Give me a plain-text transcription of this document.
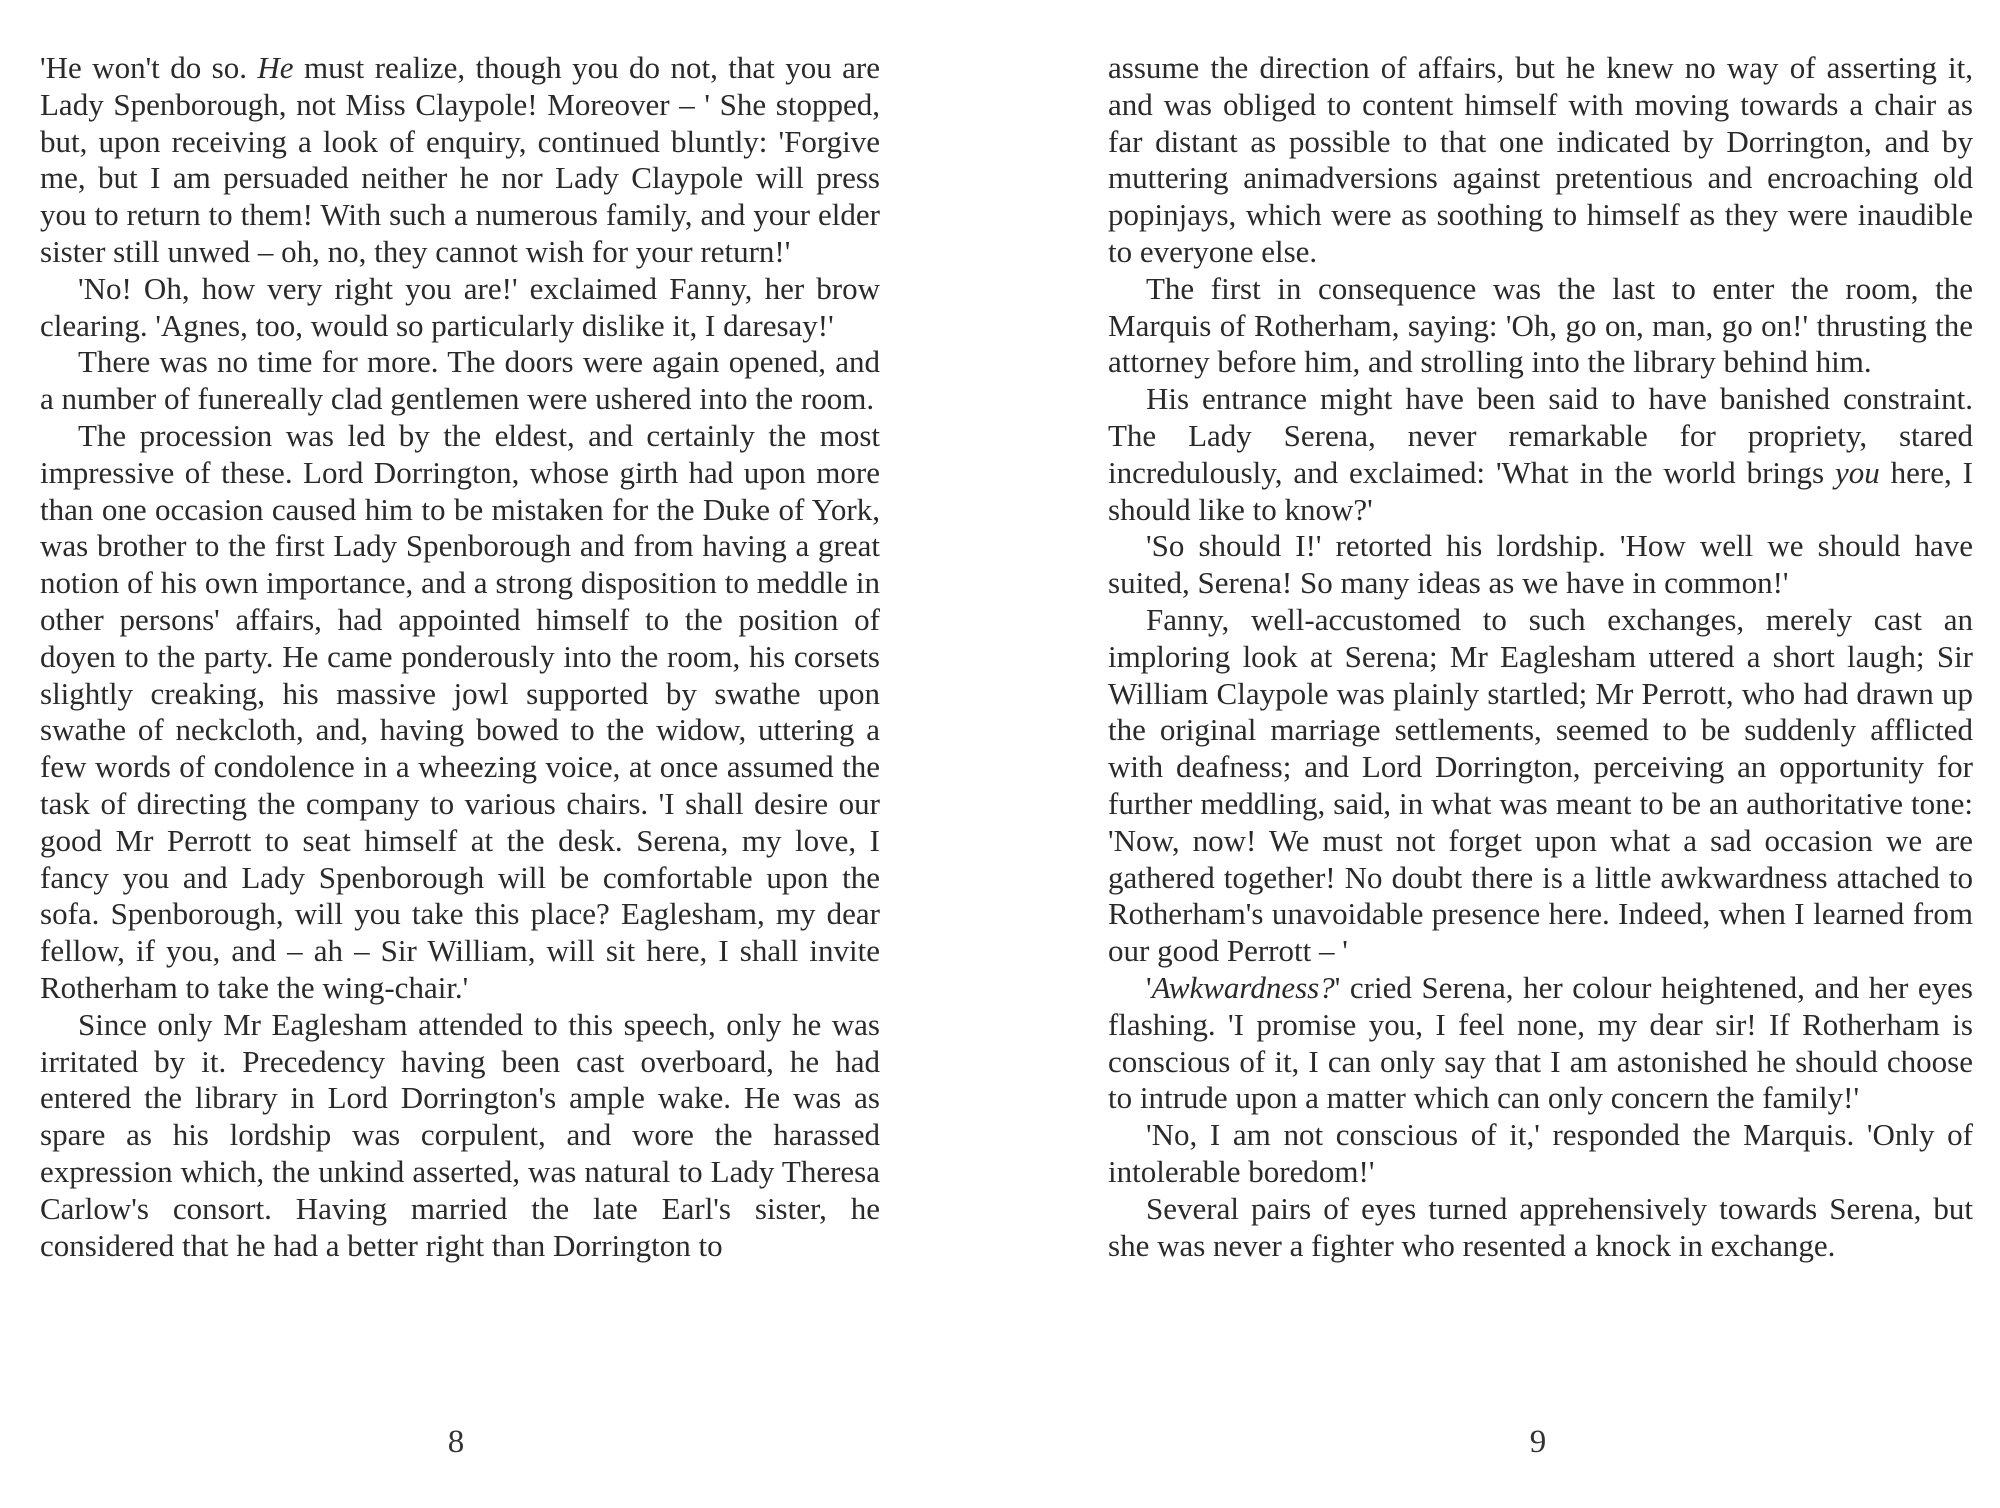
'He won't do so. He must realize, though you do not, that you are Lady Spenborough, not Miss Claypole! Moreover – ' She stopped, but, upon receiving a look of enquiry, continued bluntly: 'Forgive me, but I am persuaded neither he nor Lady Claypole will press you to return to them! With such a numerous family, and your elder sister still unwed – oh, no, they cannot wish for your return!'

'No! Oh, how very right you are!' exclaimed Fanny, her brow clearing. 'Agnes, too, would so particularly dislike it, I daresay!'

There was no time for more. The doors were again opened, and a number of funereally clad gentlemen were ushered into the room.

The procession was led by the eldest, and certainly the most impressive of these. Lord Dorrington, whose girth had upon more than one occasion caused him to be mistaken for the Duke of York, was brother to the first Lady Spenborough and from having a great notion of his own importance, and a strong disposition to meddle in other persons' affairs, had appointed himself to the position of doyen to the party. He came ponderously into the room, his corsets slightly creaking, his massive jowl supported by swathe upon swathe of neckcloth, and, having bowed to the widow, uttering a few words of condolence in a wheezing voice, at once assumed the task of directing the company to various chairs. 'I shall desire our good Mr Perrott to seat himself at the desk. Serena, my love, I fancy you and Lady Spenborough will be comfortable upon the sofa. Spenborough, will you take this place? Eaglesham, my dear fellow, if you, and – ah – Sir William, will sit here, I shall invite Rotherham to take the wing-chair.'

Since only Mr Eaglesham attended to this speech, only he was irritated by it. Precedency having been cast overboard, he had entered the library in Lord Dorrington's ample wake. He was as spare as his lordship was corpulent, and wore the harassed expression which, the unkind asserted, was natural to Lady Theresa Carlow's consort. Having married the late Earl's sister, he considered that he had a better right than Dorrington to

8

assume the direction of affairs, but he knew no way of asserting it, and was obliged to content himself with moving towards a chair as far distant as possible to that one indicated by Dorrington, and by muttering animadversions against pretentious and encroaching old popinjays, which were as soothing to himself as they were inaudible to everyone else.

The first in consequence was the last to enter the room, the Marquis of Rotherham, saying: 'Oh, go on, man, go on!' thrusting the attorney before him, and strolling into the library behind him.

His entrance might have been said to have banished constraint. The Lady Serena, never remarkable for propriety, stared incredulously, and exclaimed: 'What in the world brings you here, I should like to know?'

'So should I!' retorted his lordship. 'How well we should have suited, Serena! So many ideas as we have in common!'

Fanny, well-accustomed to such exchanges, merely cast an imploring look at Serena; Mr Eaglesham uttered a short laugh; Sir William Claypole was plainly startled; Mr Perrott, who had drawn up the original marriage settlements, seemed to be suddenly afflicted with deafness; and Lord Dorrington, perceiving an opportunity for further meddling, said, in what was meant to be an authoritative tone: 'Now, now! We must not forget upon what a sad occasion we are gathered together! No doubt there is a little awkwardness attached to Rotherham's unavoidable presence here. Indeed, when I learned from our good Perrott – '

'Awkwardness?' cried Serena, her colour heightened, and her eyes flashing. 'I promise you, I feel none, my dear sir! If Rotherham is conscious of it, I can only say that I am astonished he should choose to intrude upon a matter which can only concern the family!'

'No, I am not conscious of it,' responded the Marquis. 'Only of intolerable boredom!'

Several pairs of eyes turned apprehensively towards Serena, but she was never a fighter who resented a knock in exchange.

9
